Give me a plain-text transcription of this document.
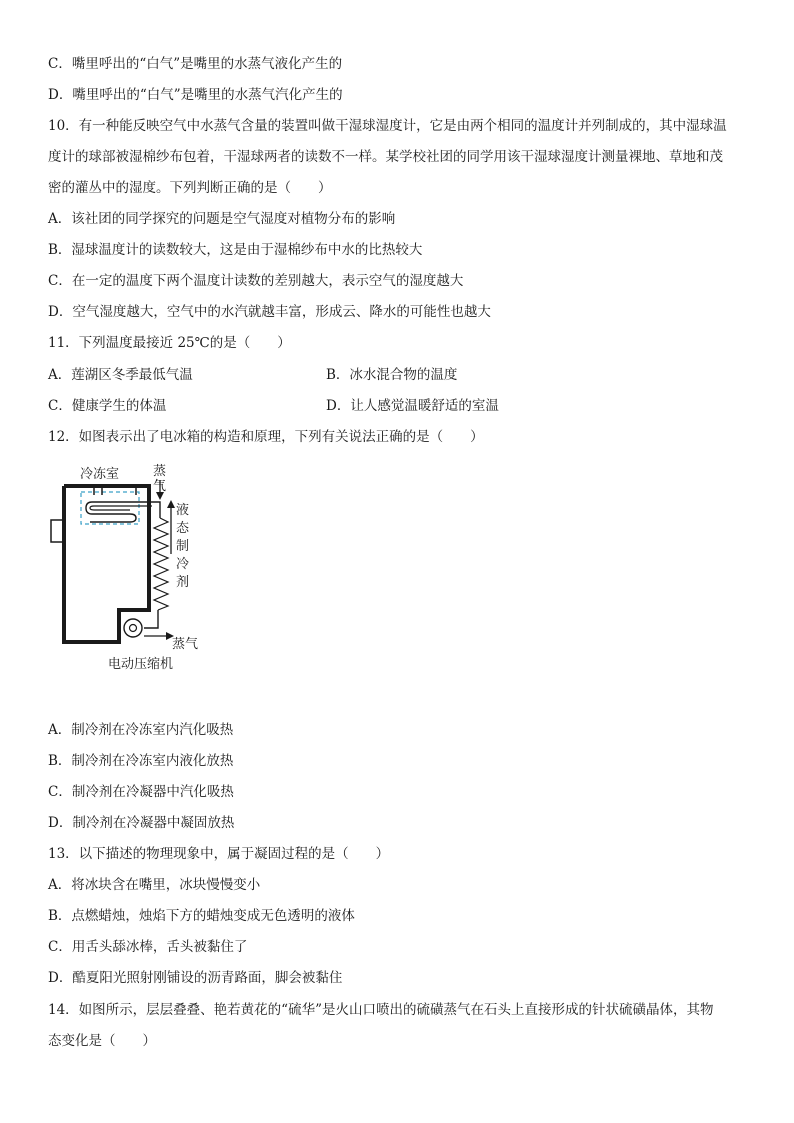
C．嘴里呼出的“白气”是嘴里的水蒸气液化产生的
D．嘴里呼出的“白气”是嘴里的水蒸气汽化产生的
10．有一种能反映空气中水蒸气含量的装置叫做干湿球湿度计，它是由两个相同的温度计并列制成的，其中湿球温
度计的球部被湿棉纱布包着，干湿球两者的读数不一样。某学校社团的同学用该干湿球湿度计测量裸地、草地和茂
密的灌丛中的湿度。下列判断正确的是（　　）
A．该社团的同学探究的问题是空气湿度对植物分布的影响
B．湿球温度计的读数较大，这是由于湿棉纱布中水的比热较大
C．在一定的温度下两个温度计读数的差别越大，表示空气的湿度越大
D．空气湿度越大，空气中的水汽就越丰富，形成云、降水的可能性也越大
11．下列温度最接近 25℃的是（　　）
A．莲湖区冬季最低气温	B．冰水混合物的温度
C．健康学生的体温	D．让人感觉温暖舒适的室温
12．如图表示出了电冰箱的构造和原理，下列有关说法正确的是（　　）
冷冻室	蒸
气
液
态
制
冷
剂
蒸气
电动压缩机
A．制冷剂在冷冻室内汽化吸热
B．制冷剂在冷冻室内液化放热
C．制冷剂在冷凝器中汽化吸热
D．制冷剂在冷凝器中凝固放热
13．以下描述的物理现象中，属于凝固过程的是（　　）
A．将冰块含在嘴里，冰块慢慢变小
B．点燃蜡烛，烛焰下方的蜡烛变成无色透明的液体
C．用舌头舔冰棒，舌头被黏住了
D．酷夏阳光照射刚铺设的沥青路面，脚会被黏住
14．如图所示，层层叠叠、艳若黄花的“硫华”是火山口喷出的硫磺蒸气在石头上直接形成的针状硫磺晶体，其物
态变化是（　　）
